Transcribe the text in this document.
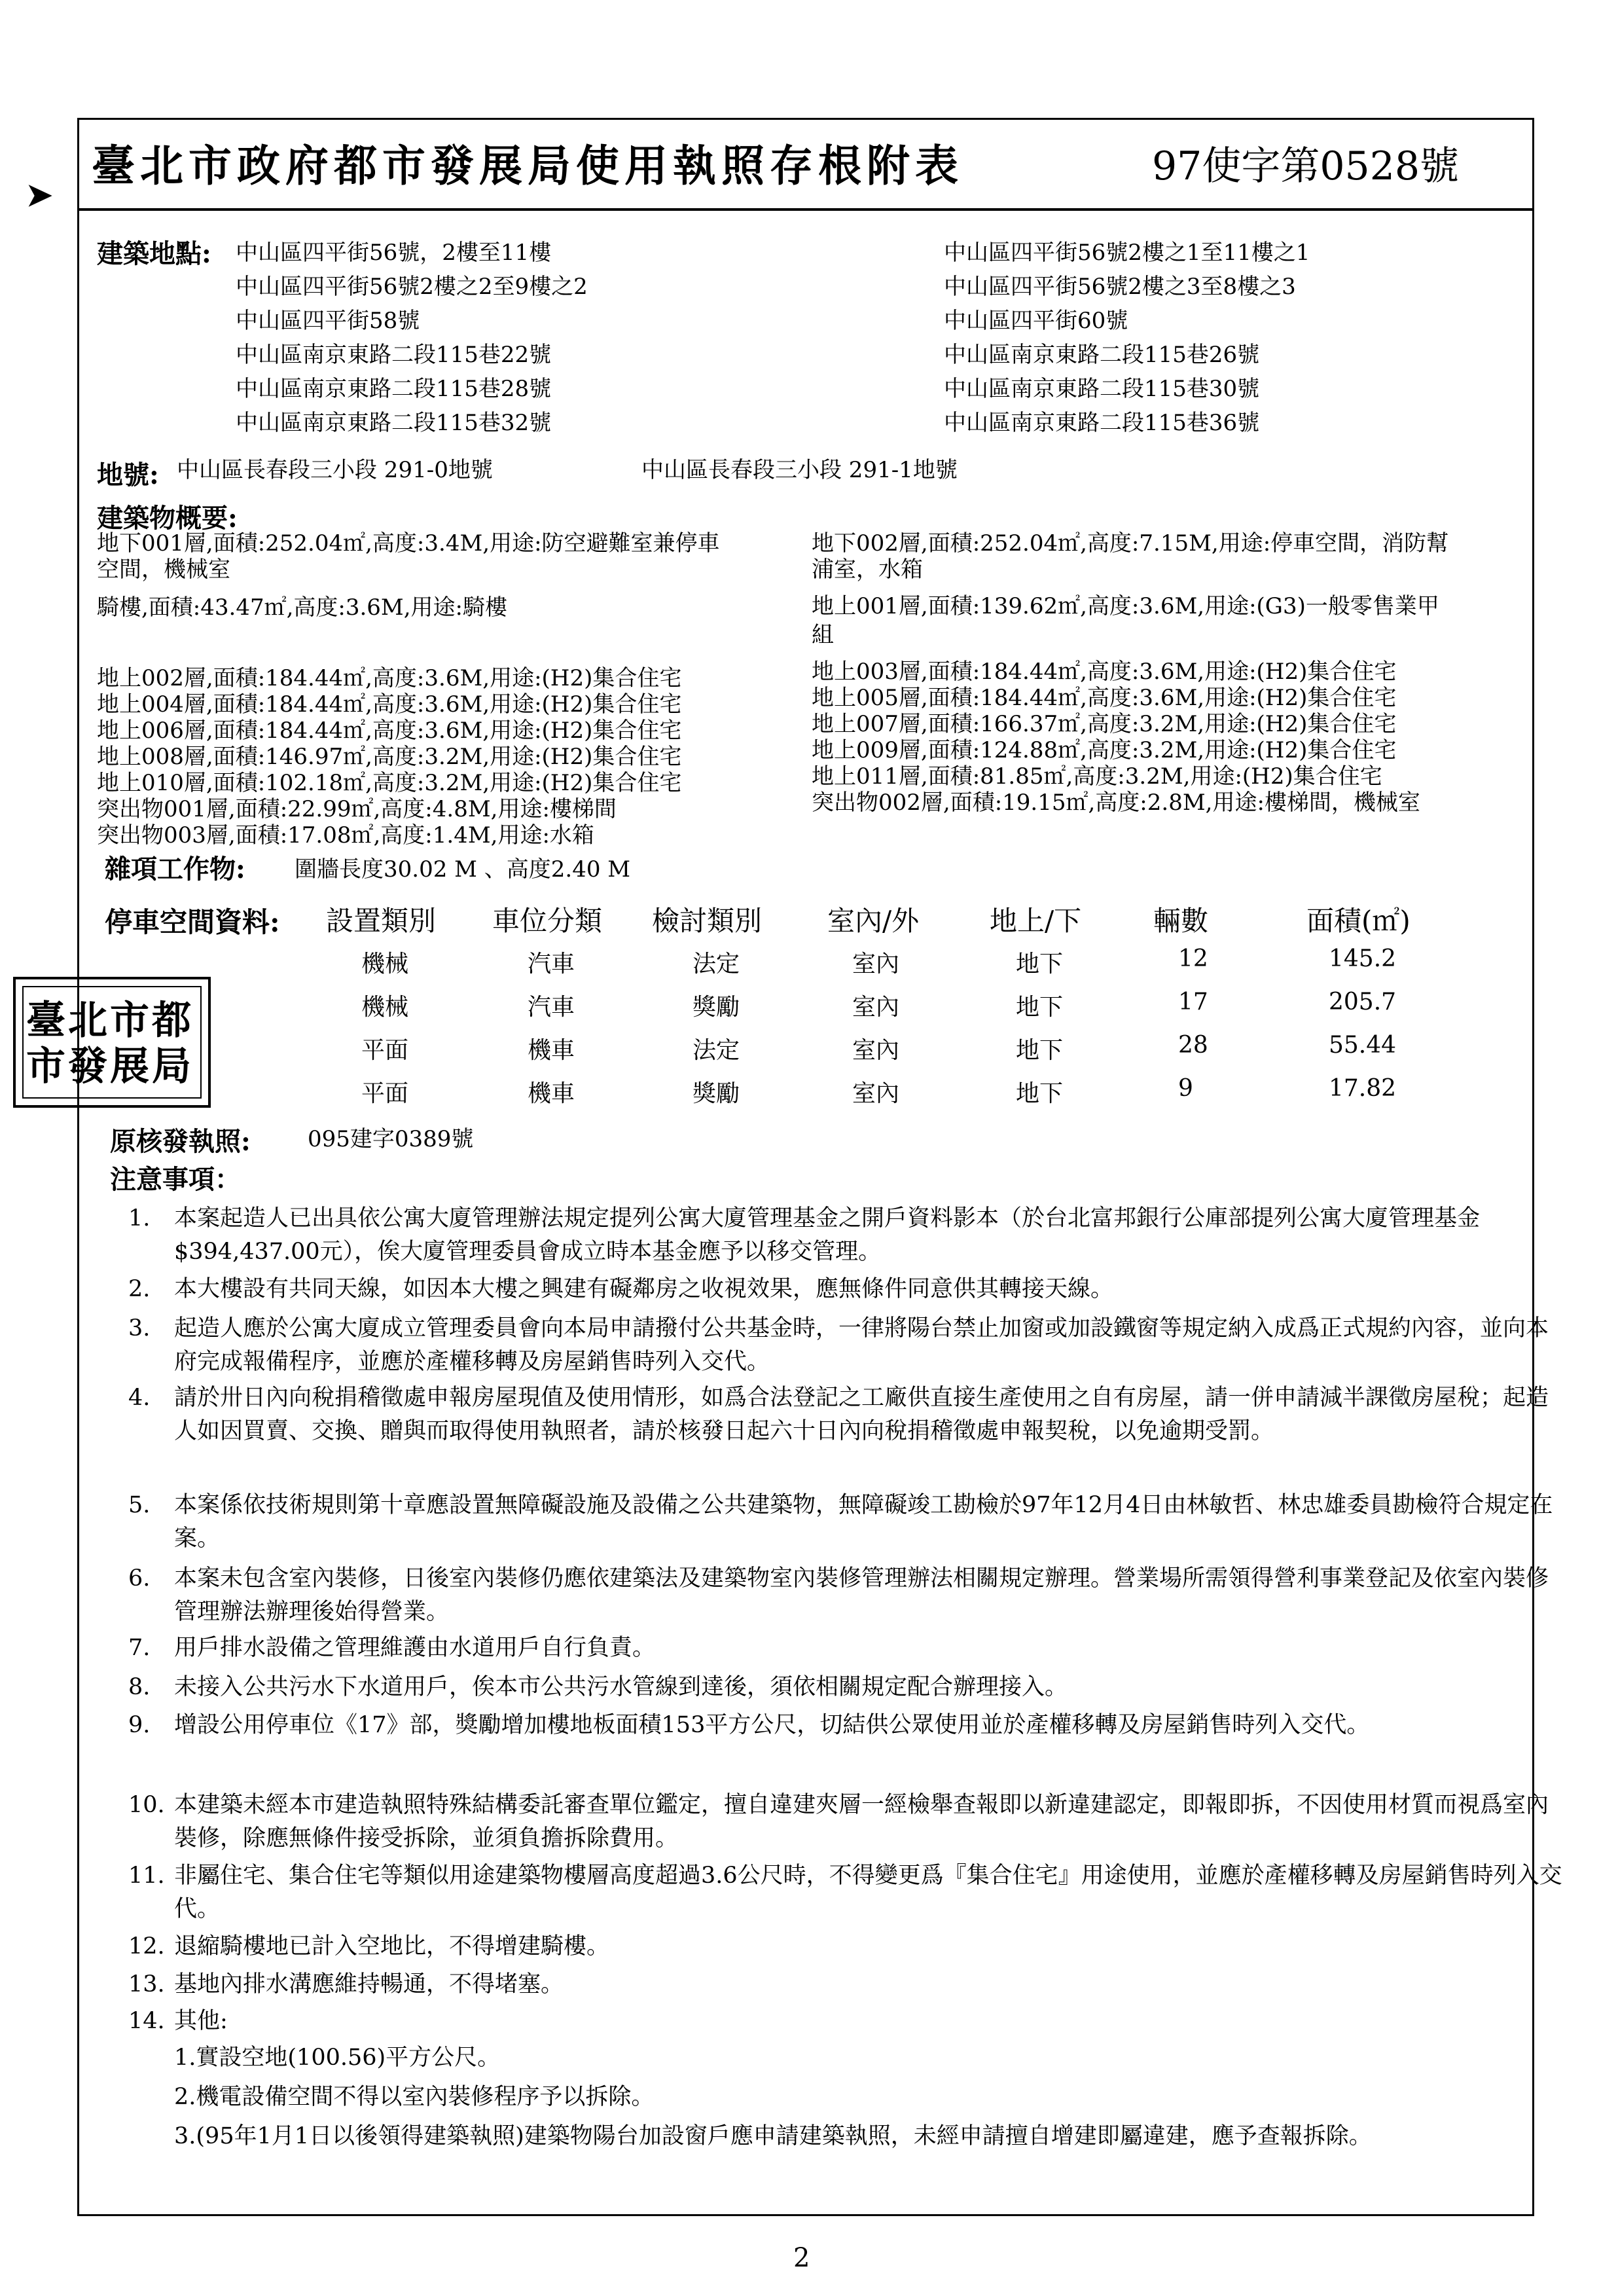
➤
臺北市政府都市發展局使用執照存根附表	97使字第0528號
建築地點: 中山區四平街56號，2樓至11樓
中山區四平街56號2樓之2至9樓之2
中山區四平街58號
中山區南京東路二段115巷22號
中山區南京東路二段115巷28號
中山區南京東路二段115巷32號
中山區四平街56號2樓之1至11樓之1
中山區四平街56號2樓之3至8樓之3
中山區四平街60號
中山區南京東路二段115巷26號
中山區南京東路二段115巷30號
中山區南京東路二段115巷36號
地號: 中山區長春段三小段 291-0地號	中山區長春段三小段 291-1地號
建築物概要:
地下001層,面積:252.04㎡,高度:3.4M,用途:防空避難室兼停車
空間，機械室
地下002層,面積:252.04㎡,高度:7.15M,用途:停車空間，消防幫
浦室，水箱
騎樓,面積:43.47㎡,高度:3.6M,用途:騎樓	地上001層,面積:139.62㎡,高度:3.6M,用途:(G3)一般零售業甲
組
地上002層,面積:184.44㎡,高度:3.6M,用途:(H2)集合住宅
地上004層,面積:184.44㎡,高度:3.6M,用途:(H2)集合住宅
地上006層,面積:184.44㎡,高度:3.6M,用途:(H2)集合住宅
地上008層,面積:146.97㎡,高度:3.2M,用途:(H2)集合住宅
地上010層,面積:102.18㎡,高度:3.2M,用途:(H2)集合住宅
突出物001層,面積:22.99㎡,高度:4.8M,用途:樓梯間
突出物003層,面積:17.08㎡,高度:1.4M,用途:水箱
地上003層,面積:184.44㎡,高度:3.6M,用途:(H2)集合住宅
地上005層,面積:184.44㎡,高度:3.6M,用途:(H2)集合住宅
地上007層,面積:166.37㎡,高度:3.2M,用途:(H2)集合住宅
地上009層,面積:124.88㎡,高度:3.2M,用途:(H2)集合住宅
地上011層,面積:81.85㎡,高度:3.2M,用途:(H2)集合住宅
突出物002層,面積:19.15㎡,高度:2.8M,用途:樓梯間，機械室
雜項工作物: 圍牆長度30.02 M 、高度2.40 M
停車空間資料: 設置類別 車位分類 檢討類別 室內/外	地上/下	輛數	面積(㎡)
機械	汽車	法定	室內	地下	12	145.2
機械	汽車	獎勵	室內	地下	17	205.7
平面	機車	法定	室內	地下	28	55.44
平面	機車	獎勵	室內	地下	9	17.82
臺北市都市發展局
原核發執照:	095建字0389號
注意事項：
1. 本案起造人已出具依公寓大廈管理辦法規定提列公寓大廈管理基金之開戶資料影本（於台北富邦銀行公庫部提列公寓大廈管理基金$394,437.00元），俟大廈管理委員會成立時本基金應予以移交管理。
2. 本大樓設有共同天線，如因本大樓之興建有礙鄰房之收視效果，應無條件同意供其轉接天線。
3. 起造人應於公寓大廈成立管理委員會向本局申請撥付公共基金時，一律將陽台禁止加窗或加設鐵窗等規定納入成爲正式規約內容，並向本府完成報備程序，並應於產權移轉及房屋銷售時列入交代。
4. 請於卅日內向稅捐稽徵處申報房屋現值及使用情形，如爲合法登記之工廠供直接生產使用之自有房屋，請一併申請減半課徵房屋稅；起造人如因買賣、交換、贈與而取得使用執照者，請於核發日起六十日內向稅捐稽徵處申報契稅，以免逾期受罰。
5. 本案係依技術規則第十章應設置無障礙設施及設備之公共建築物，無障礙竣工勘檢於97年12月4日由林敏哲、林忠雄委員勘檢符合規定在案。
6. 本案未包含室內裝修，日後室內裝修仍應依建築法及建築物室內裝修管理辦法相關規定辦理。營業場所需領得營利事業登記及依室內裝修管理辦法辦理後始得營業。
7. 用戶排水設備之管理維護由水道用戶自行負責。
8. 未接入公共污水下水道用戶，俟本市公共污水管線到達後，須依相關規定配合辦理接入。
9. 增設公用停車位《17》部，獎勵增加樓地板面積153平方公尺，切結供公眾使用並於產權移轉及房屋銷售時列入交代。
10. 本建築未經本市建造執照特殊結構委託審查單位鑑定，擅自違建夾層一經檢舉查報即以新違建認定，即報即拆，不因使用材質而視爲室內裝修，除應無條件接受拆除，並須負擔拆除費用。
11. 非屬住宅、集合住宅等類似用途建築物樓層高度超過3.6公尺時，不得變更爲『集合住宅』用途使用，並應於產權移轉及房屋銷售時列入交代。
12. 退縮騎樓地已計入空地比，不得增建騎樓。
13. 基地內排水溝應維持暢通，不得堵塞。
14. 其他:
1.實設空地(100.56)平方公尺。
2.機電設備空間不得以室內裝修程序予以拆除。
3.(95年1月1日以後領得建築執照)建築物陽台加設窗戶應申請建築執照，未經申請擅自增建即屬違建，應予查報拆除。
2
